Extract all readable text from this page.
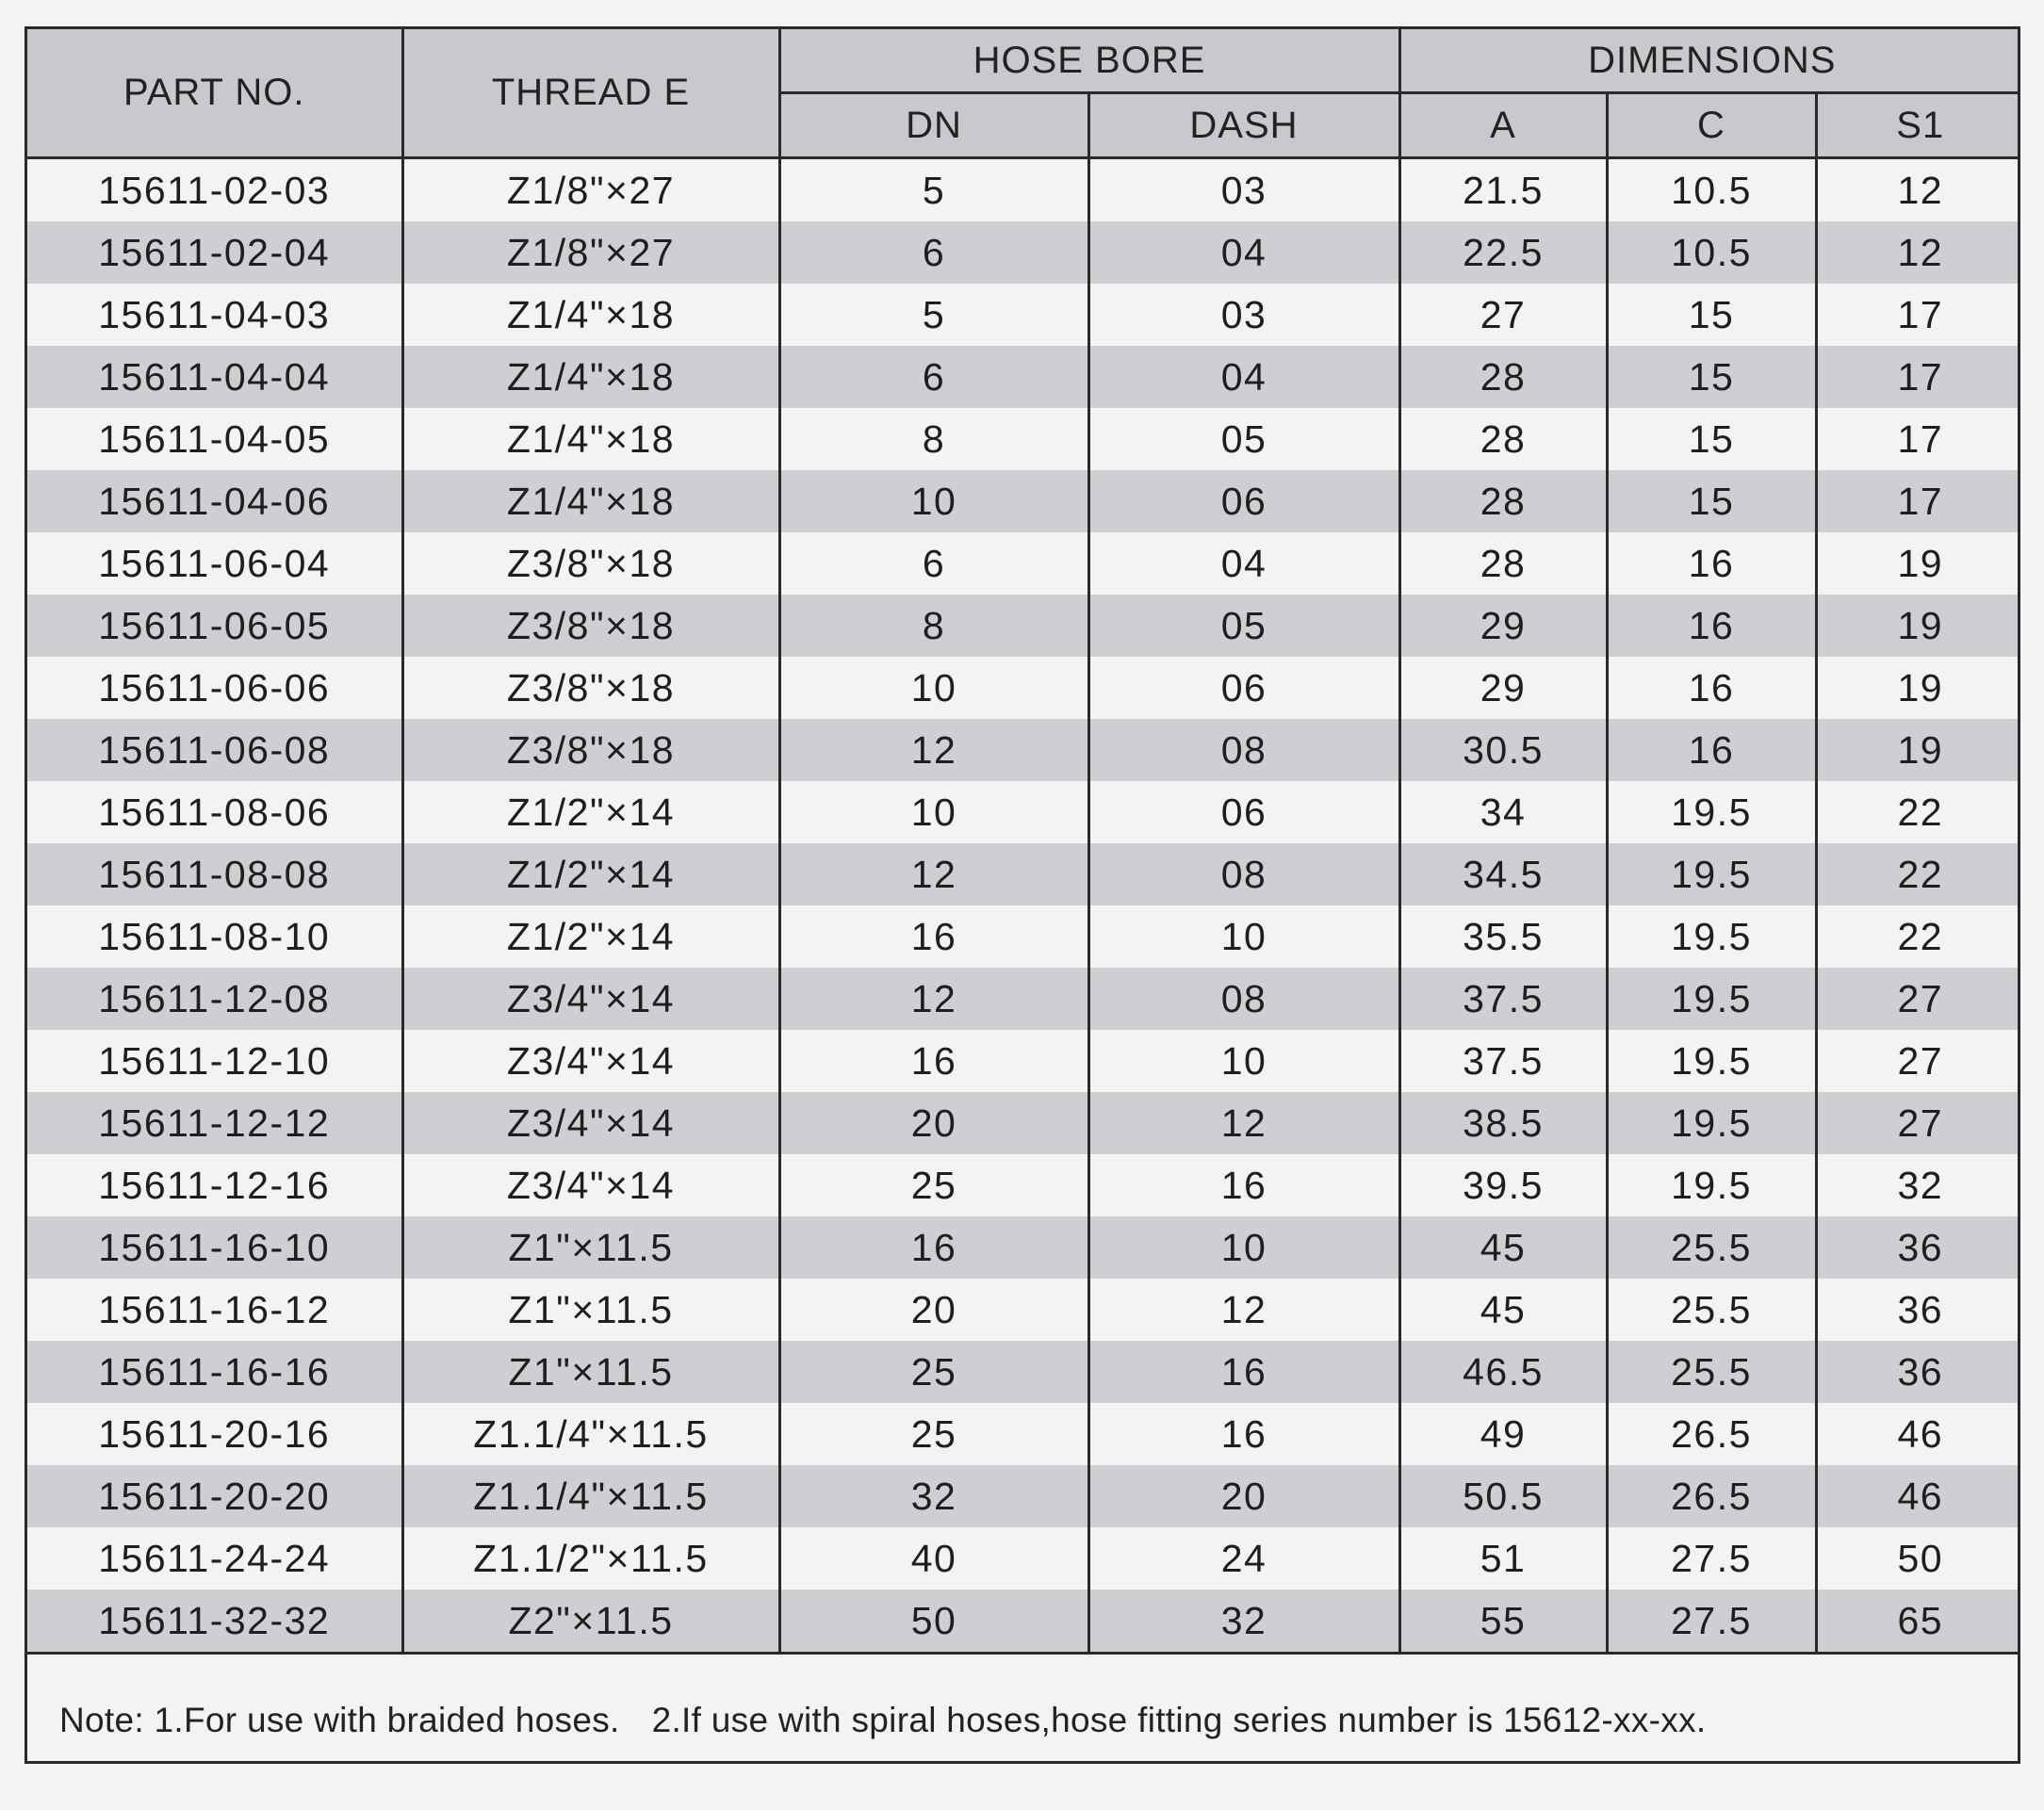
PART NO.	THREAD E	HOSE BORE		DIMENSIONS		
		DN	DASH	A	C	S1
15611-02-03	Z1/8"×27	5	03	21.5	10.5	12
15611-02-04	Z1/8"×27	6	04	22.5	10.5	12
15611-04-03	Z1/4"×18	5	03	27	15	17
15611-04-04	Z1/4"×18	6	04	28	15	17
15611-04-05	Z1/4"×18	8	05	28	15	17
15611-04-06	Z1/4"×18	10	06	28	15	17
15611-06-04	Z3/8"×18	6	04	28	16	19
15611-06-05	Z3/8"×18	8	05	29	16	19
15611-06-06	Z3/8"×18	10	06	29	16	19
15611-06-08	Z3/8"×18	12	08	30.5	16	19
15611-08-06	Z1/2"×14	10	06	34	19.5	22
15611-08-08	Z1/2"×14	12	08	34.5	19.5	22
15611-08-10	Z1/2"×14	16	10	35.5	19.5	22
15611-12-08	Z3/4"×14	12	08	37.5	19.5	27
15611-12-10	Z3/4"×14	16	10	37.5	19.5	27
15611-12-12	Z3/4"×14	20	12	38.5	19.5	27
15611-12-16	Z3/4"×14	25	16	39.5	19.5	32
15611-16-10	Z1"×11.5	16	10	45	25.5	36
15611-16-12	Z1"×11.5	20	12	45	25.5	36
15611-16-16	Z1"×11.5	25	16	46.5	25.5	36
15611-20-16	Z1.1/4"×11.5	25	16	49	26.5	46
15611-20-20	Z1.1/4"×11.5	32	20	50.5	26.5	46
15611-24-24	Z1.1/2"×11.5	40	24	51	27.5	50
15611-32-32	Z2"×11.5	50	32	55	27.5	65
Note: 1.For use with braided hoses. 2.If use with spiral hoses,hose fitting series number is 15612-xx-xx.
